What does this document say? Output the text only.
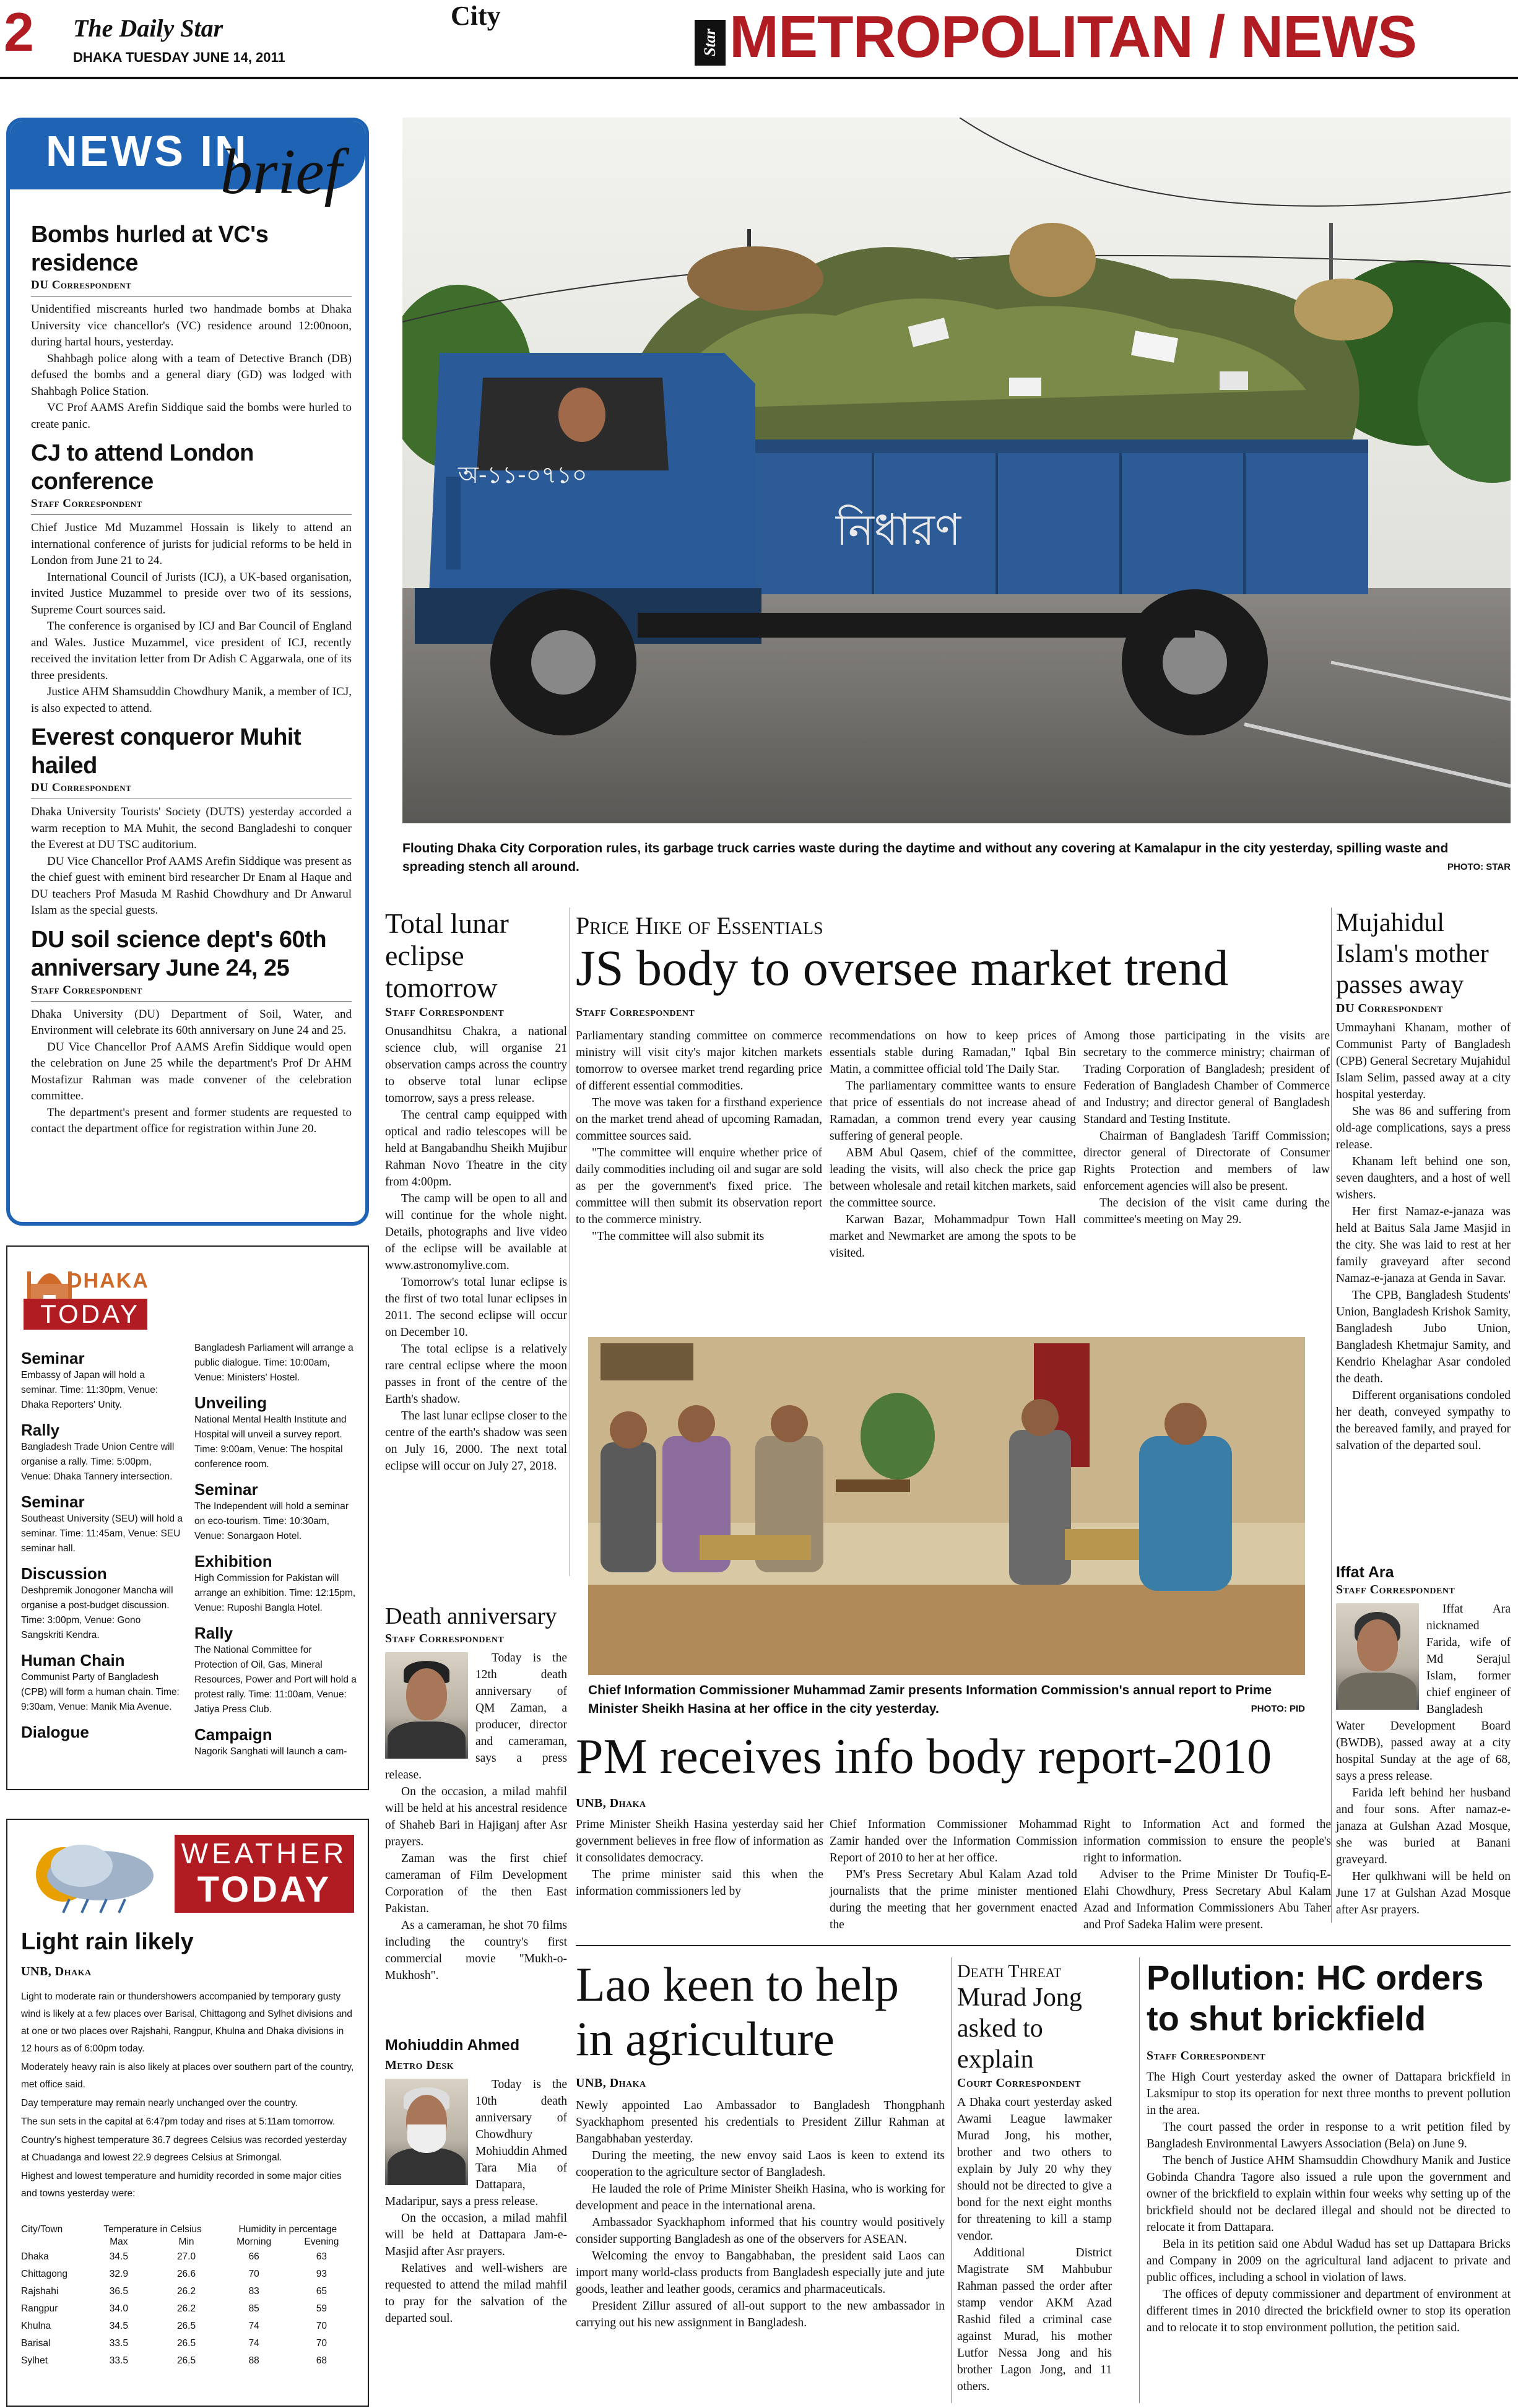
2 The Daily Star
DHAKA TUESDAY JUNE 14, 2011
City
Star METROPOLITAN / NEWS
NEWS IN
brief
Bombs hurled at VC's residence
DU Correspondent

Unidentified miscreants hurled two handmade bombs at Dhaka University vice chancellor's (VC) residence around 12:00noon, during hartal hours, yesterday.

Shahbagh police along with a team of Detective Branch (DB) defused the bombs and a general diary (GD) was lodged with Shahbagh Police Station.

VC Prof AAMS Arefin Siddique said the bombs were hurled to create panic.

CJ to attend London conference
Staff Correspondent

Chief Justice Md Muzammel Hossain is likely to attend an international conference of jurists for judicial reforms to be held in London from June 21 to 24.

International Council of Jurists (ICJ), a UK-based organisation, invited Justice Muzammel to preside over two of its sessions, Supreme Court sources said.

The conference is organised by ICJ and Bar Council of England and Wales. Justice Muzammel, vice president of ICJ, recently received the invitation letter from Dr Adish C Aggarwala, one of its three presidents.

Justice AHM Shamsuddin Chowdhury Manik, a member of ICJ, is also expected to attend.

Everest conqueror Muhit hailed
DU Correspondent

Dhaka University Tourists' Society (DUTS) yesterday accorded a warm reception to MA Muhit, the second Bangladeshi to conquer the Everest at DU TSC auditorium.

DU Vice Chancellor Prof AAMS Arefin Siddique was present as the chief guest with eminent bird researcher Dr Enam al Haque and DU teachers Prof Masuda M Rashid Chowdhury and Dr Anwarul Islam as the special guests.

DU soil science dept's 60th anniversary June 24, 25
Staff Correspondent

Dhaka University (DU) Department of Soil, Water, and Environment will celebrate its 60th anniversary on June 24 and 25.

DU Vice Chancellor Prof AAMS Arefin Siddique would open the celebration on June 25 while the department's Prof Dr AHM Mostafizur Rahman was made convener of the celebration committee.

The department's present and former students are requested to contact the department office for registration within June 20.

DHAKA
TODAY
Seminar

Embassy of Japan will hold a seminar. Time: 11:30pm, Venue: Dhaka Reporters' Unity.

Rally

Bangladesh Trade Union Centre will organise a rally. Time: 5:00pm, Venue: Dhaka Tannery intersection.

Seminar

Southeast University (SEU) will hold a seminar. Time: 11:45am, Venue: SEU seminar hall.

Discussion

Deshpremik Jonogoner Mancha will organise a post-budget discussion. Time: 3:00pm, Venue: Gono Sangskriti Kendra.

Human Chain

Communist Party of Bangladesh (CPB) will form a human chain. Time: 9:30am, Venue: Manik Mia Avenue.

Dialogue

Bangladesh Parliament will arrange a public dialogue. Time: 10:00am, Venue: Ministers' Hostel.

Unveiling

National Mental Health Institute and Hospital will unveil a survey report. Time: 9:00am, Venue: The hospital conference room.

Seminar

The Independent will hold a seminar on eco-tourism. Time: 10:30am, Venue: Sonargaon Hotel.

Exhibition

High Commission for Pakistan will arrange an exhibition. Time: 12:15pm, Venue: Ruposhi Bangla Hotel.

Rally

The National Committee for Protection of Oil, Gas, Mineral Resources, Power and Port will hold a protest rally. Time: 11:00am, Venue: Jatiya Press Club.

Campaign

Nagorik Sanghati will launch a cam-

WEATHER
TODAY
Light rain likely
UNB, Dhaka

Light to moderate rain or thundershowers accompanied by temporary gusty wind is likely at a few places over Barisal, Chittagong and Sylhet divisions and at one or two places over Rajshahi, Rangpur, Khulna and Dhaka divisions in 12 hours as of 6:00pm today.

Moderately heavy rain is also likely at places over southern part of the country, met office said.

Day temperature may remain nearly unchanged over the country.

The sun sets in the capital at 6:47pm today and rises at 5:11am tomorrow.

Country's highest temperature 36.7 degrees Celsius was recorded yesterday at Chuadanga and lowest 22.9 degrees Celsius at Srimongal.

Highest and lowest temperature and humidity recorded in some major cities and towns yesterday were:

City/Town	Temperature in Celsius		Humidity in percentage	
	Max	Min	Morning	Evening
Dhaka	34.5	27.0	66	63
Chittagong	32.9	26.6	70	93
Rajshahi	36.5	26.2	83	65
Rangpur	34.0	26.2	85	59
Khulna	34.5	26.5	74	70
Barisal	33.5	26.5	74	70
Sylhet	33.5	26.5	88	68
নিধারণ
অ-১১-০৭১০
Flouting Dhaka City Corporation rules, its garbage truck carries waste during the daytime and without any covering at Kamalapur in the city yesterday, spilling waste and spreading stench all around.	PHOTO: STAR
Total lunar eclipse tomorrow
Staff Correspondent

Onusandhitsu Chakra, a national science club, will organise 21 observation camps across the country to observe total lunar eclipse tomorrow, says a press release.

The central camp equipped with optical and radio telescopes will be held at Bangabandhu Sheikh Mujibur Rahman Novo Theatre in the city from 4:00pm.

The camp will be open to all and will continue for the whole night. Details, photographs and live video of the eclipse will be available at www.astronomylive.com.

Tomorrow's total lunar eclipse is the first of two total lunar eclipses in 2011. The second eclipse will occur on December 10.

The total eclipse is a relatively rare central eclipse where the moon passes in front of the centre of the Earth's shadow.

The last lunar eclipse closer to the centre of the earth's shadow was seen on July 16, 2000. The next total eclipse will occur on July 27, 2018.

Price Hike of Essentials
JS body to oversee market trend
Staff Correspondent

Parliamentary standing committee on commerce ministry will visit city's major kitchen markets tomorrow to oversee market trend regarding price of different essential commodities.

The move was taken for a firsthand experience on the market trend ahead of upcoming Ramadan, committee sources said.

"The committee will enquire whether price of daily commodities including oil and sugar are sold as per the government's fixed price. The committee will then submit its observation report to the commerce ministry.

"The committee will also submit its

recommendations on how to keep prices of essentials stable during Ramadan," Iqbal Bin Matin, a committee official told The Daily Star.

The parliamentary committee wants to ensure that price of essentials do not increase ahead of Ramadan, a common trend every year causing suffering of general people.

ABM Abul Qasem, chief of the committee, leading the visits, will also check the price gap between wholesale and retail kitchen markets, said the committee source.

Karwan Bazar, Mohammadpur Town Hall market and Newmarket are among the spots to be visited.

Among those participating in the visits are secretary to the commerce ministry; chairman of Trading Corporation of Bangladesh; president of Federation of Bangladesh Chamber of Commerce and Industry; and director general of Bangladesh Standard and Testing Institute.

Chairman of Bangladesh Tariff Commission; director general of Directorate of Consumer Rights Protection and members of law enforcement agencies will also be present.

The decision of the visit came during the committee's meeting on May 29.

Mujahidul Islam's mother passes away
DU Correspondent

Ummayhani Khanam, mother of Communist Party of Bangladesh (CPB) General Secretary Mujahidul Islam Selim, passed away at a city hospital yesterday.

She was 86 and suffering from old-age complications, says a press release.

Khanam left behind one son, seven daughters, and a host of well wishers.

Her first Namaz-e-janaza was held at Baitus Sala Jame Masjid in the city. She was laid to rest at her family graveyard after second Namaz-e-janaza at Genda in Savar.

The CPB, Bangladesh Students' Union, Bangladesh Krishok Samity, Bangladesh Jubo Union, Bangladesh Khetmajur Samity, and Kendrio Khelaghar Asar condoled the death.

Different organisations condoled her death, conveyed sympathy to the bereaved family, and prayed for salvation of the departed soul.

Iffat Ara
Staff Correspondent

Iffat Ara nicknamed Farida, wife of Md Serajul Islam, former chief engineer of Bangladesh Water Development Board (BWDB), passed away at a city hospital Sunday at the age of 68, says a press release.

Farida left behind her husband and four sons. After namaz-e-janaza at Gulshan Azad Mosque, she was buried at Banani graveyard.

Her qulkhwani will be held on June 17 at Gulshan Azad Mosque after Asr prayers.

Chief Information Commissioner Muhammad Zamir presents Information Commission's annual report to Prime Minister Sheikh Hasina at her office in the city yesterday.	PHOTO: PID
PM receives info body report-2010
UNB, Dhaka

Prime Minister Sheikh Hasina yesterday said her government believes in free flow of information as it consolidates democracy.

The prime minister said this when the information commissioners led by

Chief Information Commissioner Mohammad Zamir handed over the Information Commission Report of 2010 to her at her office.

PM's Press Secretary Abul Kalam Azad told journalists that the prime minister mentioned during the meeting that her government enacted the

Right to Information Act and formed the information commission to ensure the people's right to information.

Adviser to the Prime Minister Dr Toufiq-E-Elahi Chowdhury, Press Secretary Abul Kalam Azad and Information Commissioners Abu Taher and Prof Sadeka Halim were present.

Death anniversary
Staff Correspondent

Today is the 12th death anniversary of QM Zaman, a producer, director and cameraman, says a press release.

On the occasion, a milad mahfil will be held at his ancestral residence of Shaheb Bari in Hajiganj after Asr prayers.

Zaman was the first chief cameraman of Film Development Corporation of the then East Pakistan.

As a cameraman, he shot 70 films including the country's first commercial movie "Mukh-o-Mukhosh".

Mohiuddin Ahmed
Metro Desk

Today is the 10th death anniversary of Chowdhury Mohiuddin Ahmed Tara Mia of Dattapara, Madaripur, says a press release.

On the occasion, a milad mahfil will be held at Dattapara Jam-e-Masjid after Asr prayers.

Relatives and well-wishers are requested to attend the milad mahfil to pray for the salvation of the departed soul.

Lao keen to help in agriculture
UNB, Dhaka

Newly appointed Lao Ambassador to Bangladesh Thongphanh Syackhaphom presented his credentials to President Zillur Rahman at Bangabhaban yesterday.

During the meeting, the new envoy said Laos is keen to extend its cooperation to the agriculture sector of Bangladesh.

He lauded the role of Prime Minister Sheikh Hasina, who is working for development and peace in the international arena.

Ambassador Syackhaphom informed that his country would positively consider supporting Bangladesh as one of the observers for ASEAN.

Welcoming the envoy to Bangabhaban, the president said Laos can import many world-class products from Bangladesh especially jute and jute goods, leather and leather goods, ceramics and pharmaceuticals.

President Zillur assured of all-out support to the new ambassador in carrying out his new assignment in Bangladesh.

Death Threat
Murad Jong asked to explain
Court Correspondent

A Dhaka court yesterday asked Awami League lawmaker Murad Jong, his mother, brother and two others to explain by July 20 why they should not be directed to give a bond for the next eight months for threatening to kill a stamp vendor.

Additional District Magistrate SM Mahbubur Rahman passed the order after stamp vendor AKM Azad Rashid filed a criminal case against Murad, his mother Lutfor Nessa Jong and his brother Lagon Jong, and 11 others.

Pollution: HC orders to shut brickfield
Staff Correspondent

The High Court yesterday asked the owner of Dattapara brickfield in Laksmipur to stop its operation for next three months to prevent pollution in the area.

The court passed the order in response to a writ petition filed by Bangladesh Environmental Lawyers Association (Bela) on June 9.

The bench of Justice AHM Shamsuddin Chowdhury Manik and Justice Gobinda Chandra Tagore also issued a rule upon the government and owner of the brickfield to explain within four weeks why setting up of the brickfield should not be declared illegal and should not be directed to relocate it from Dattapara.

Bela in its petition said one Abdul Wadud has set up Dattapara Bricks and Company in 2009 on the agricultural land adjacent to private and public offices, including a school in violation of laws.

The offices of deputy commissioner and department of environment at different times in 2010 directed the brickfield owner to stop its operation and to relocate it to stop environment pollution, the petition said.
